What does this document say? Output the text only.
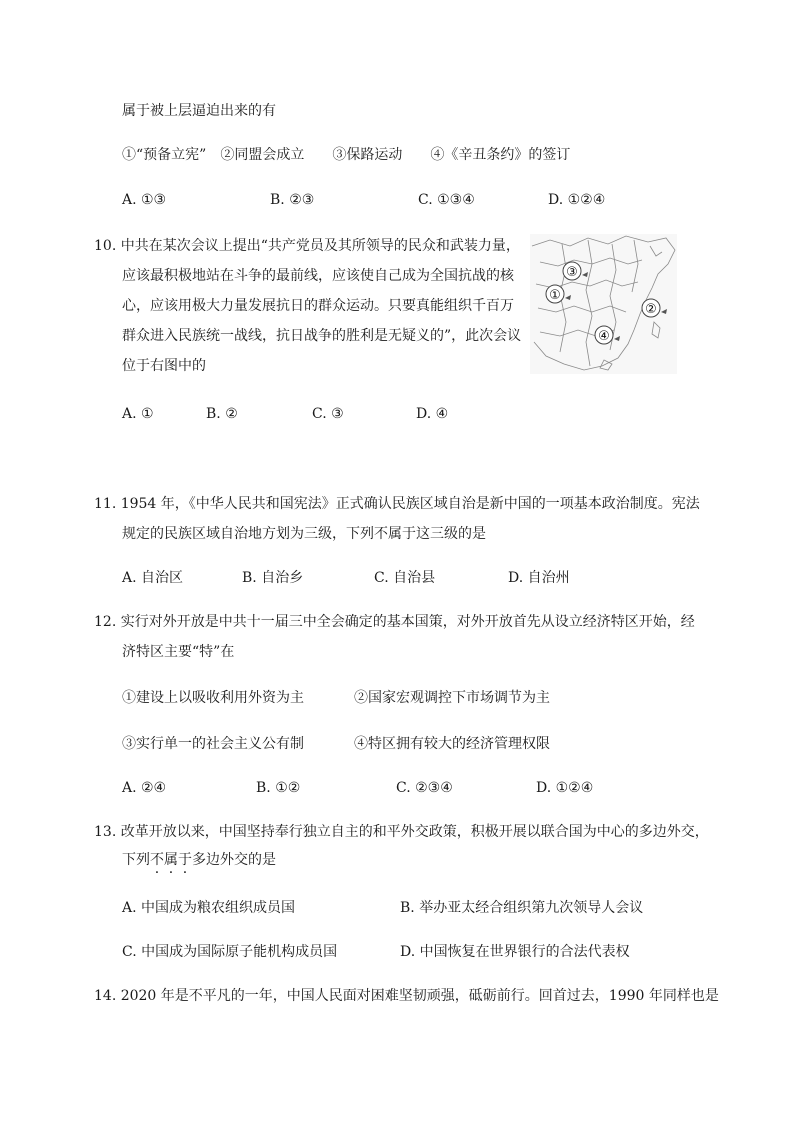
属于被上层逼迫出来的有
①“预备立宪”　②同盟会成立　　③保路运动　　④《辛丑条约》的签订
A. ①③	B. ②③	C. ①③④	D. ①②④
10. 中共在某次会议上提出“共产党员及其所领导的民众和武装力量，
应该最积极地站在斗争的最前线，应该使自己成为全国抗战的核
心，应该用极大力量发展抗日的群众运动。只要真能组织千百万
群众进入民族统一战线，抗日战争的胜利是无疑义的”，此次会议
位于右图中的
③
①
②
④
A. ①	B. ②	C. ③	D. ④
11. 1954 年，《中华人民共和国宪法》正式确认民族区域自治是新中国的一项基本政治制度。宪法
规定的民族区域自治地方划为三级，下列不属于这三级的是
A. 自治区	B. 自治乡	C. 自治县	D. 自治州
12. 实行对外开放是中共十一届三中全会确定的基本国策，对外开放首先从设立经济特区开始，经
济特区主要“特”在
①建设上以吸收利用外资为主	②国家宏观调控下市场调节为主
③实行单一的社会主义公有制	④特区拥有较大的经济管理权限
A. ②④	B. ①②	C. ②③④	D. ①②④
13. 改革开放以来，中国坚持奉行独立自主的和平外交政策，积极开展以联合国为中心的多边外交，
下列不属于多边外交的是
A. 中国成为粮农组织成员国	B. 举办亚太经合组织第九次领导人会议
C. 中国成为国际原子能机构成员国	D. 中国恢复在世界银行的合法代表权
14. 2020 年是不平凡的一年，中国人民面对困难坚韧顽强，砥砺前行。回首过去，1990 年同样也是
